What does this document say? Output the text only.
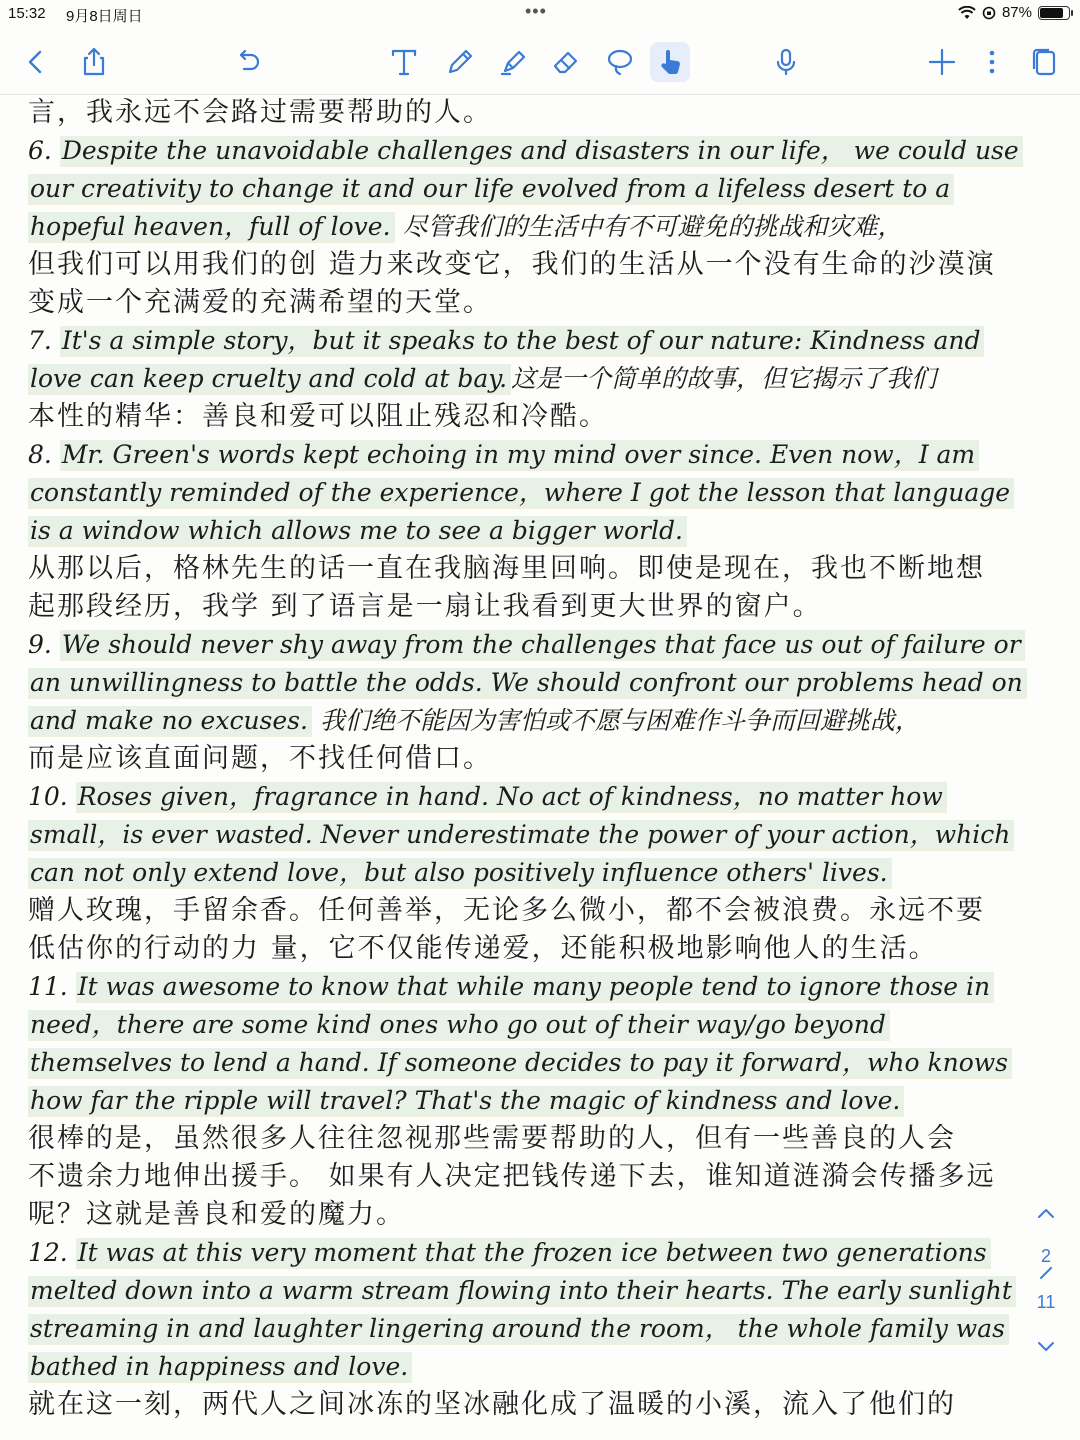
15:32 9月8日周日	•••	87%
言，我永远不会路过需要帮助的人。
6. Despite the unavoidable challenges and disasters in our life， we could use
our creativity to change it and our life evolved from a lifeless desert to a
hopeful heaven，full of love. 尽管我们的生活中有不可避免的挑战和灾难，
但我们可以用我们的创 造力来改变它，我们的生活从一个没有生命的沙漠演
变成一个充满爱的充满希望的天堂。
7. It's a simple story，but it speaks to the best of our nature: Kindness and
love can keep cruelty and cold at bay. 这是一个简单的故事，但它揭示了我们
本性的精华：善良和爱可以阻止残忍和冷酷。
8. Mr. Green's words kept echoing in my mind over since. Even now，I am
constantly reminded of the experience，where I got the lesson that language
is a window which allows me to see a bigger world.
从那以后，格林先生的话一直在我脑海里回响。即使是现在，我也不断地想
起那段经历，我学 到了语言是一扇让我看到更大世界的窗户。
9. We should never shy away from the challenges that face us out of failure or
an unwillingness to battle the odds. We should confront our problems head on
and make no excuses. 我们绝不能因为害怕或不愿与困难作斗争而回避挑战，
而是应该直面问题，不找任何借口。
10. Roses given，fragrance in hand. No act of kindness，no matter how
small，is ever wasted. Never underestimate the power of your action，which
can not only extend love，but also positively influence others' lives.
赠人玫瑰，手留余香。任何善举，无论多么微小，都不会被浪费。永远不要
低估你的行动的力 量，它不仅能传递爱，还能积极地影响他人的生活。
11. It was awesome to know that while many people tend to ignore those in
need，there are some kind ones who go out of their way/go beyond
themselves to lend a hand. If someone decides to pay it forward，who knows
how far the ripple will travel? That's the magic of kindness and love.
很棒的是，虽然很多人往往忽视那些需要帮助的人，但有一些善良的人会
不遗余力地伸出援手。 如果有人决定把钱传递下去，谁知道涟漪会传播多远
呢？这就是善良和爱的魔力。
12. It was at this very moment that the frozen ice between two generations
melted down into a warm stream flowing into their hearts. The early sunlight
streaming in and laughter lingering around the room， the whole family was
bathed in happiness and love.
就在这一刻，两代人之间冰冻的坚冰融化成了温暖的小溪，流入了他们的
2
11
